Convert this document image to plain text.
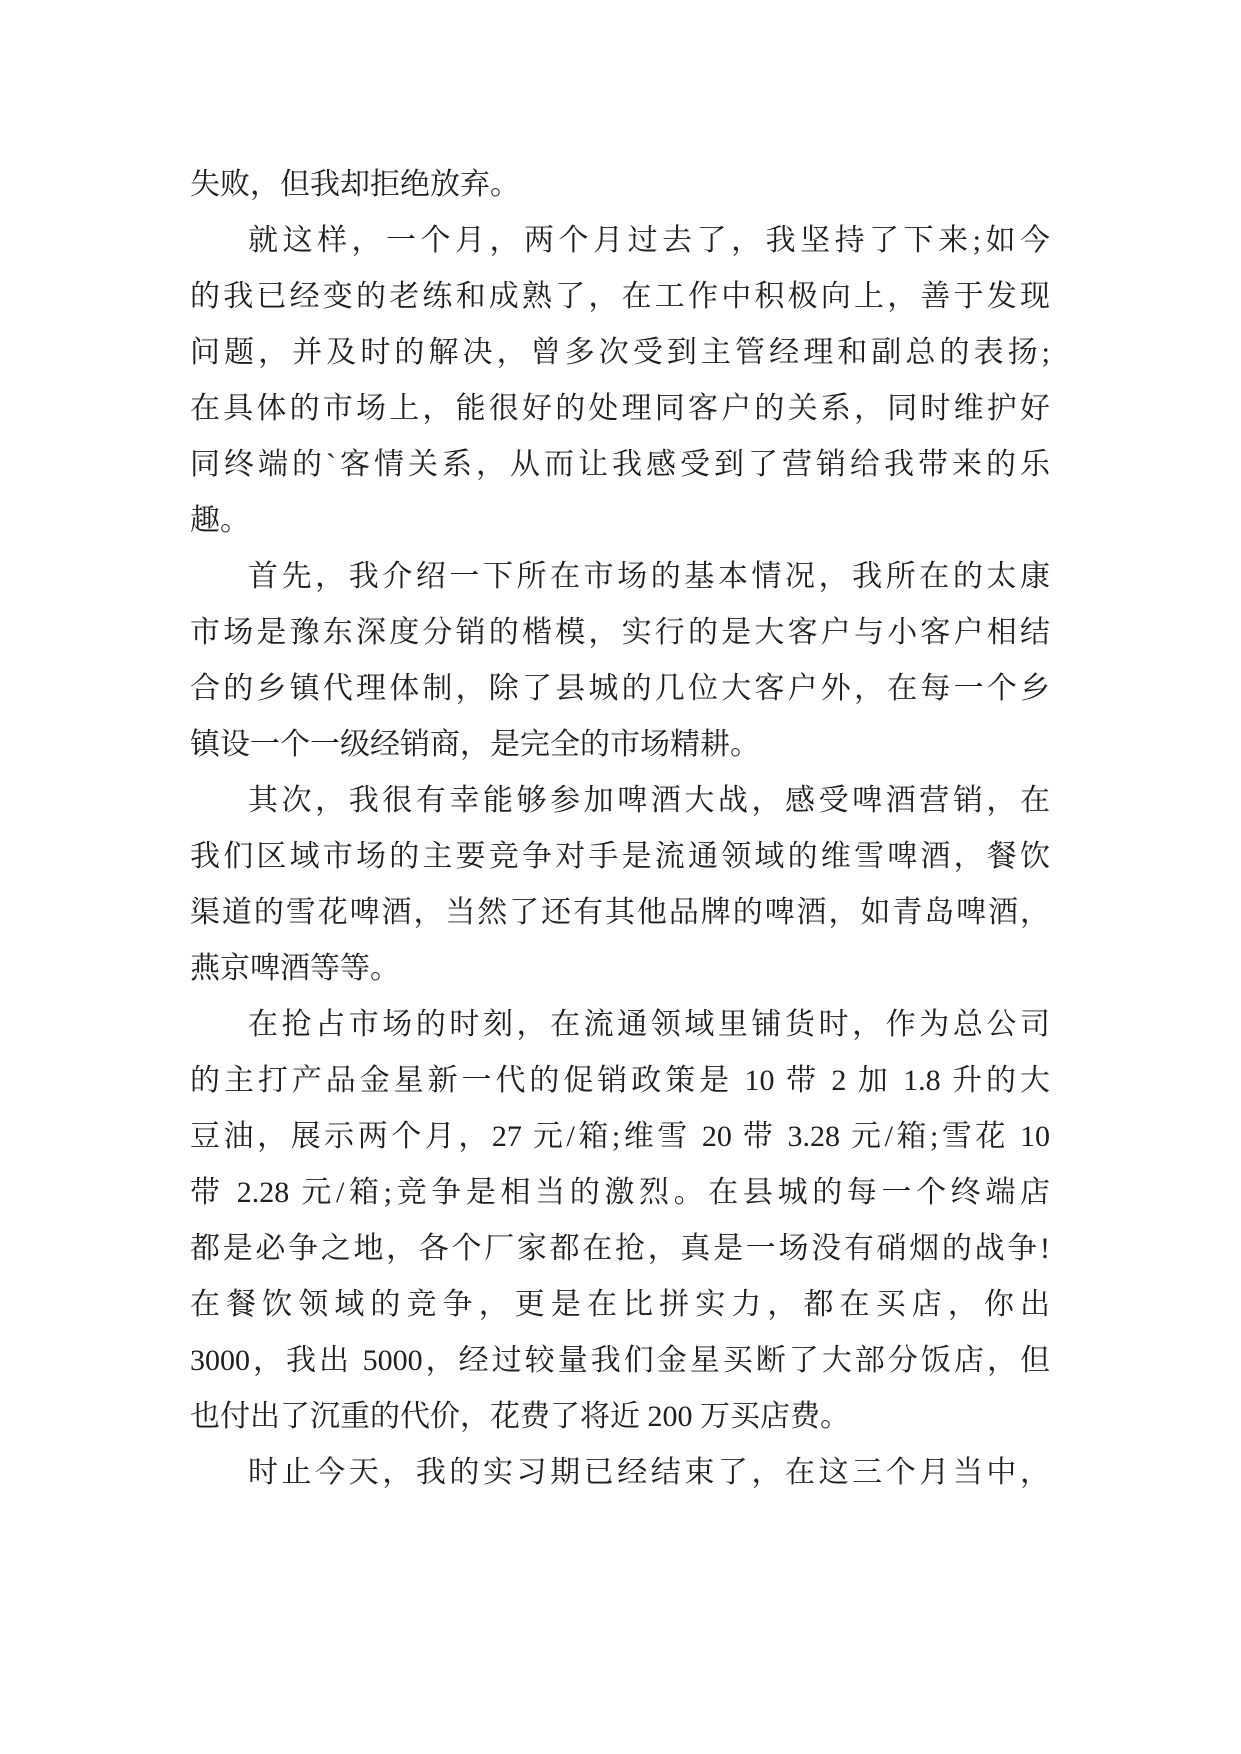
失败，但我却拒绝放弃。
就这样，一个月，两个月过去了，我坚持了下来;如今
的我已经变的老练和成熟了，在工作中积极向上，善于发现
问题，并及时的解决，曾多次受到主管经理和副总的表扬;
在具体的市场上，能很好的处理同客户的关系，同时维护好
同终端的`客情关系，从而让我感受到了营销给我带来的乐
趣。
首先，我介绍一下所在市场的基本情况，我所在的太康
市场是豫东深度分销的楷模，实行的是大客户与小客户相结
合的乡镇代理体制，除了县城的几位大客户外，在每一个乡
镇设一个一级经销商，是完全的市场精耕。
其次，我很有幸能够参加啤酒大战，感受啤酒营销，在
我们区域市场的主要竞争对手是流通领域的维雪啤酒，餐饮
渠道的雪花啤酒，当然了还有其他品牌的啤酒，如青岛啤酒，
燕京啤酒等等。
在抢占市场的时刻，在流通领域里铺货时，作为总公司
的主打产品金星新一代的促销政策是 10 带 2 加 1.8 升的大
豆油，展示两个月，27 元/箱;维雪 20 带 3.28 元/箱;雪花 10
带 2.28 元/箱;竞争是相当的激烈。在县城的每一个终端店
都是必争之地，各个厂家都在抢，真是一场没有硝烟的战争!
在餐饮领域的竞争，更是在比拼实力，都在买店，你出
3000，我出 5000，经过较量我们金星买断了大部分饭店，但
也付出了沉重的代价，花费了将近 200 万买店费。
时止今天，我的实习期已经结束了，在这三个月当中，
